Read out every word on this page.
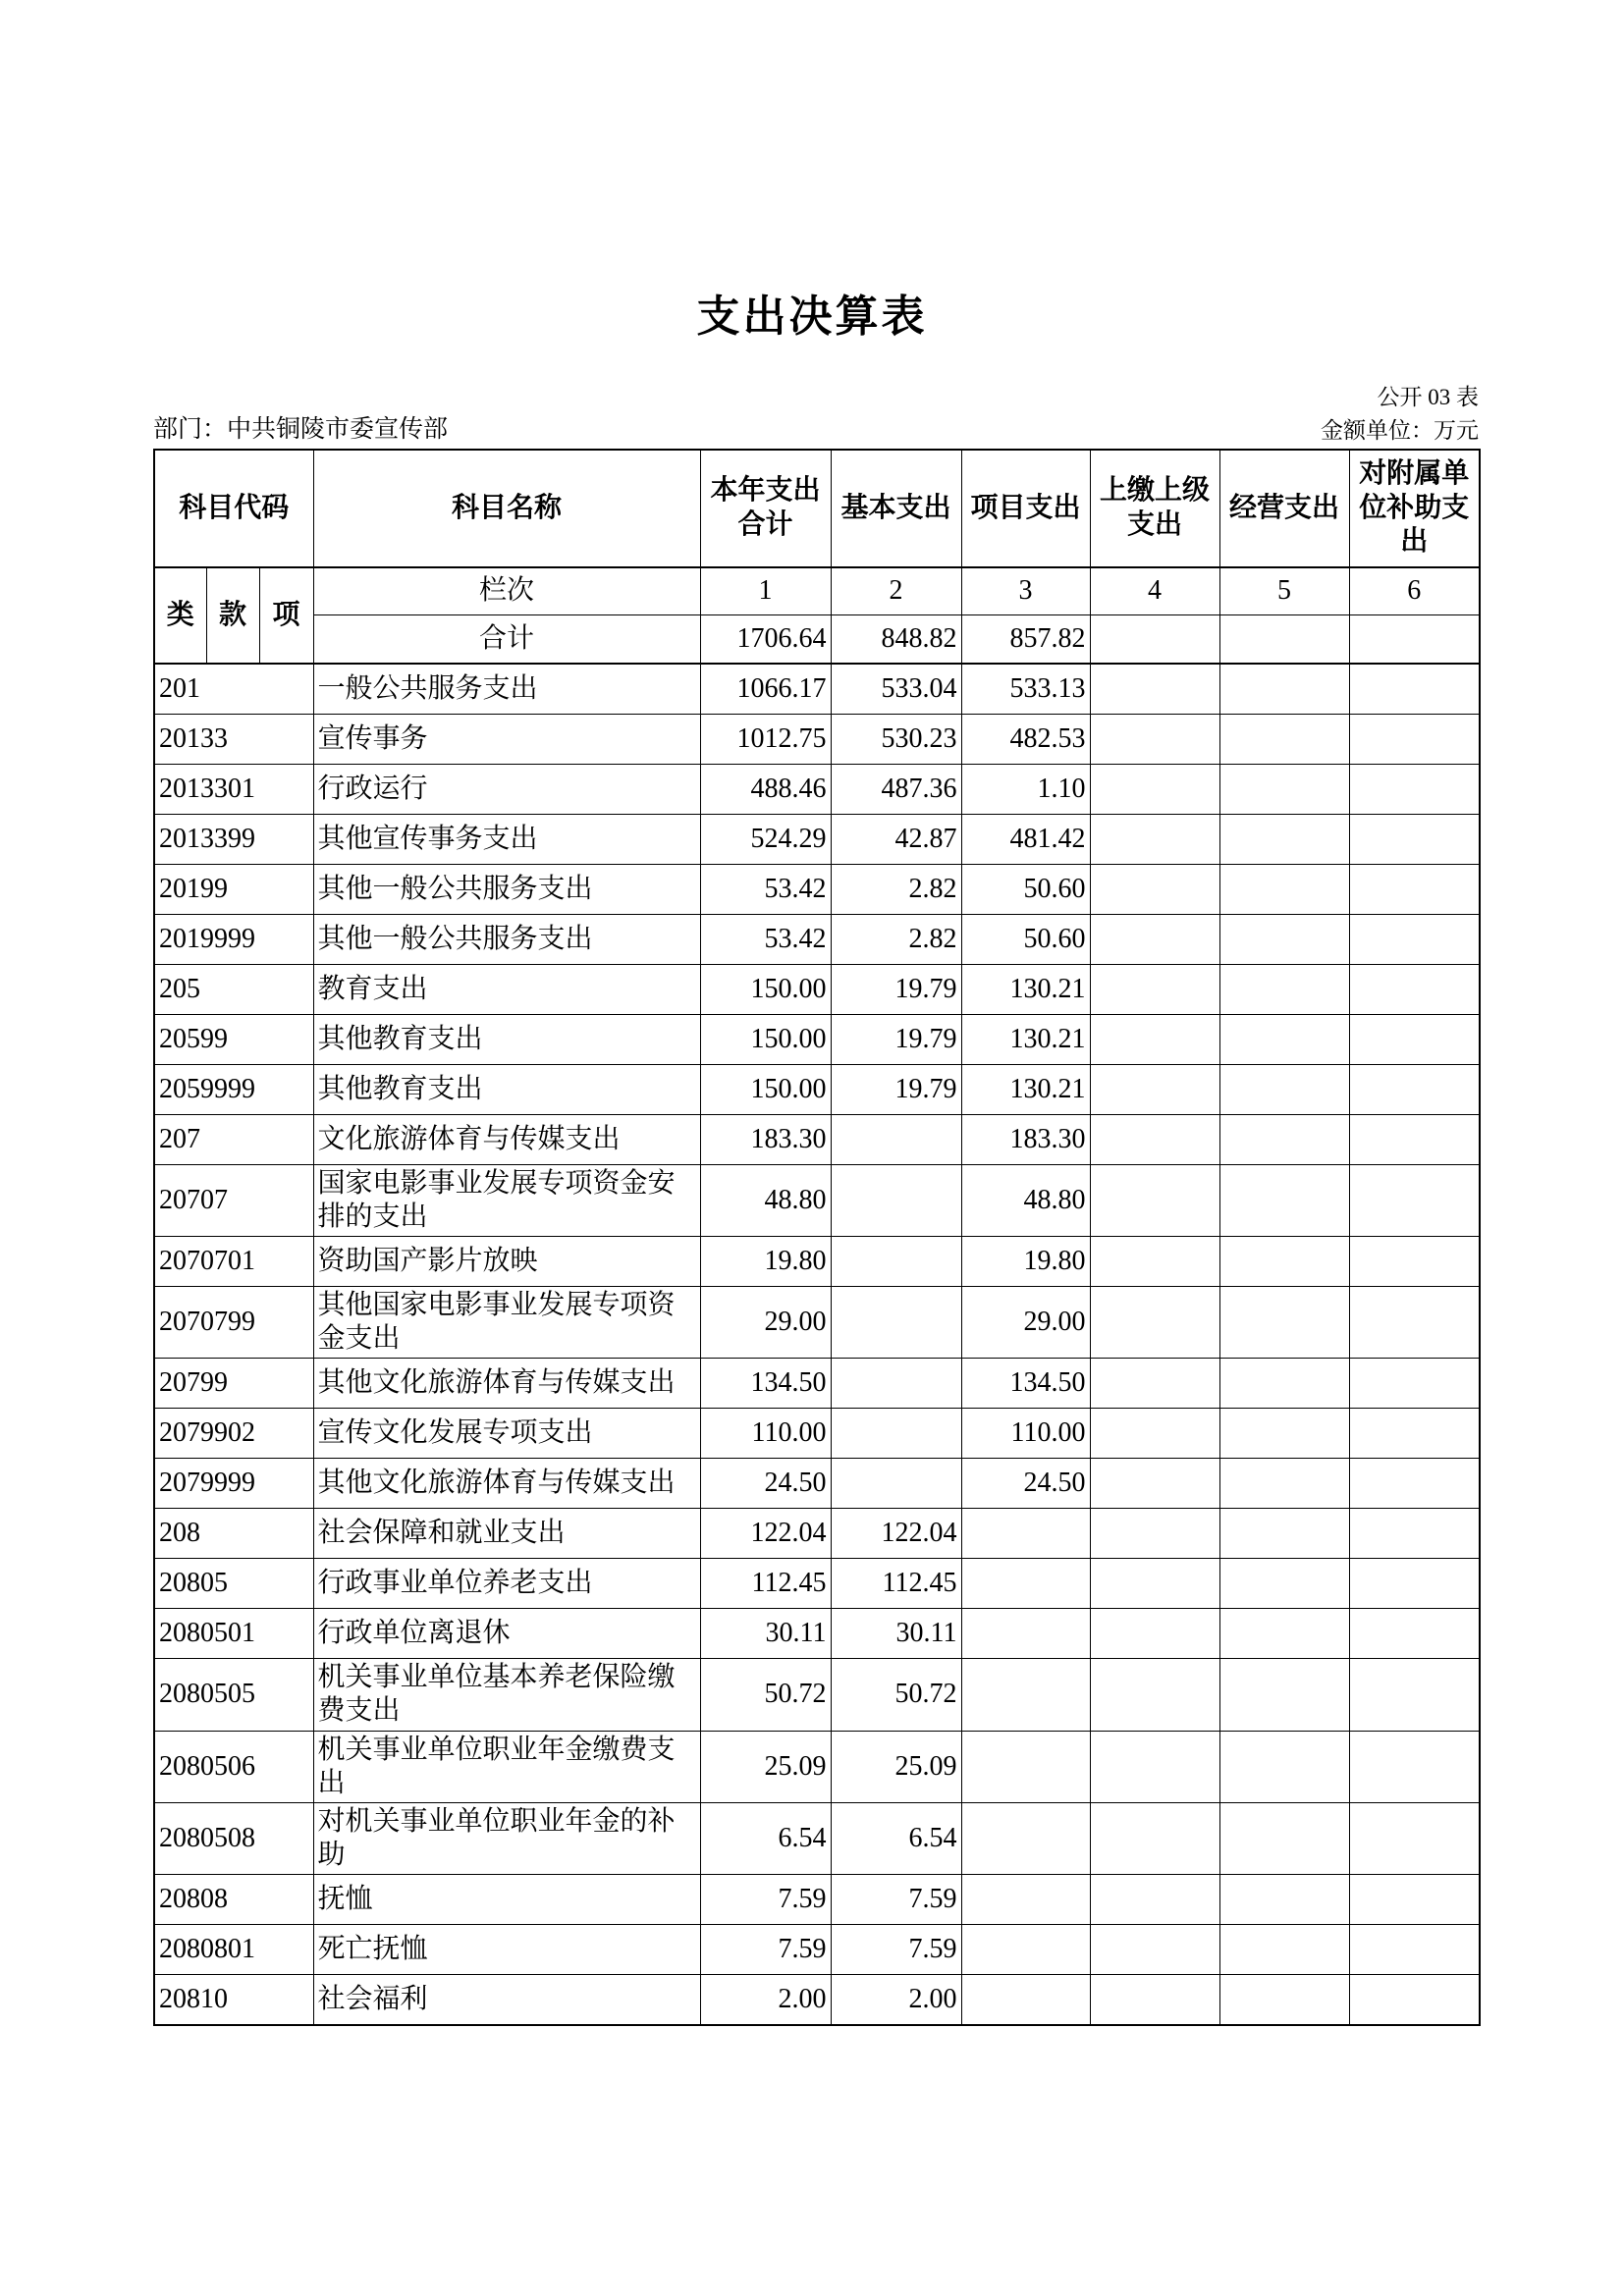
支出决算表
公开 03 表
部门：中共铜陵市委宣传部	金额单位：万元
科目代码			科目名称	本年支出合计	基本支出	项目支出	上缴上级支出	经营支出	对附属单位补助支出
类	款	项	栏次	1	2	3	4	5	6
			合计	1706.64	848.82	857.82			
201			一般公共服务支出	1066.17	533.04	533.13			
20133			宣传事务	1012.75	530.23	482.53			
2013301			行政运行	488.46	487.36	1.10			
2013399			其他宣传事务支出	524.29	42.87	481.42			
20199			其他一般公共服务支出	53.42	2.82	50.60			
2019999			其他一般公共服务支出	53.42	2.82	50.60			
205			教育支出	150.00	19.79	130.21			
20599			其他教育支出	150.00	19.79	130.21			
2059999			其他教育支出	150.00	19.79	130.21			
207			文化旅游体育与传媒支出	183.30		183.30			
20707			国家电影事业发展专项资金安排的支出	48.80		48.80			
2070701			资助国产影片放映	19.80		19.80			
2070799			其他国家电影事业发展专项资金支出	29.00		29.00			
20799			其他文化旅游体育与传媒支出	134.50		134.50			
2079902			宣传文化发展专项支出	110.00		110.00			
2079999			其他文化旅游体育与传媒支出	24.50		24.50			
208			社会保障和就业支出	122.04	122.04				
20805			行政事业单位养老支出	112.45	112.45				
2080501			行政单位离退休	30.11	30.11				
2080505			机关事业单位基本养老保险缴费支出	50.72	50.72				
2080506			机关事业单位职业年金缴费支出	25.09	25.09				
2080508			对机关事业单位职业年金的补助	6.54	6.54				
20808			抚恤	7.59	7.59				
2080801			死亡抚恤	7.59	7.59				
20810			社会福利	2.00	2.00				
